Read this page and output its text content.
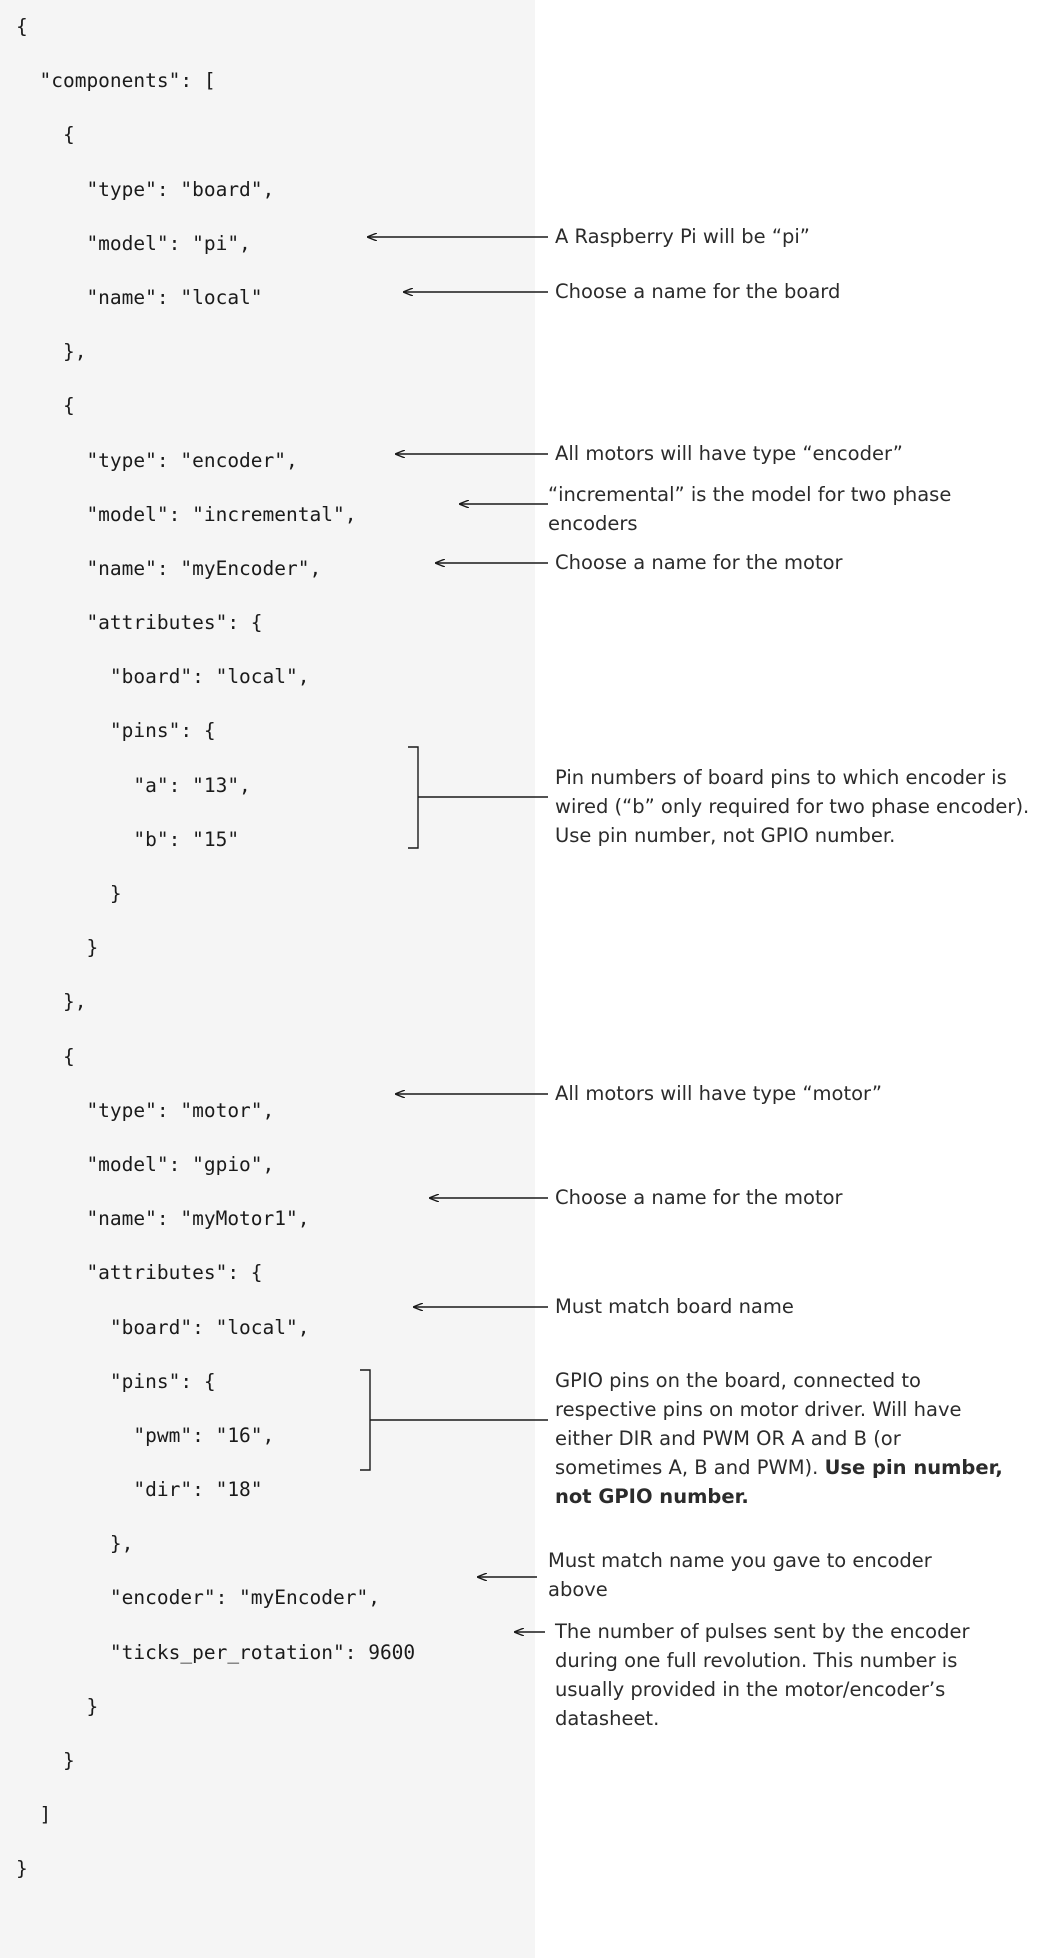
{
"components": [
{
"type": "board",
"model": "pi",
"name": "local"
},
{
"type": "encoder",
"model": "incremental",
"name": "myEncoder",
"attributes": {
"board": "local",
"pins": {
"a": "13",
"b": "15"
}
}
},
{
"type": "motor",
"model": "gpio",
"name": "myMotor1",
"attributes": {
"board": "local",
"pins": {
"pwm": "16",
"dir": "18"
},
"encoder": "myEncoder",
"ticks_per_rotation": 9600
}
}
]
}
A Raspberry Pi will be “pi”
Choose a name for the board
All motors will have type “encoder”
“incremental” is the model for two phase encoders
Choose a name for the motor
Pin numbers of board pins to which encoder is wired (“b” only required for two phase encoder). Use pin number, not GPIO number.
All motors will have type “motor”
Choose a name for the motor
Must match board name
GPIO pins on the board, connected to respective pins on motor driver. Will have either DIR and PWM OR A and B (or sometimes A, B and PWM). Use pin number, not GPIO number.
Must match name you gave to encoder above
The number of pulses sent by the encoder during one full revolution. This number is usually provided in the motor/encoder’s datasheet.
